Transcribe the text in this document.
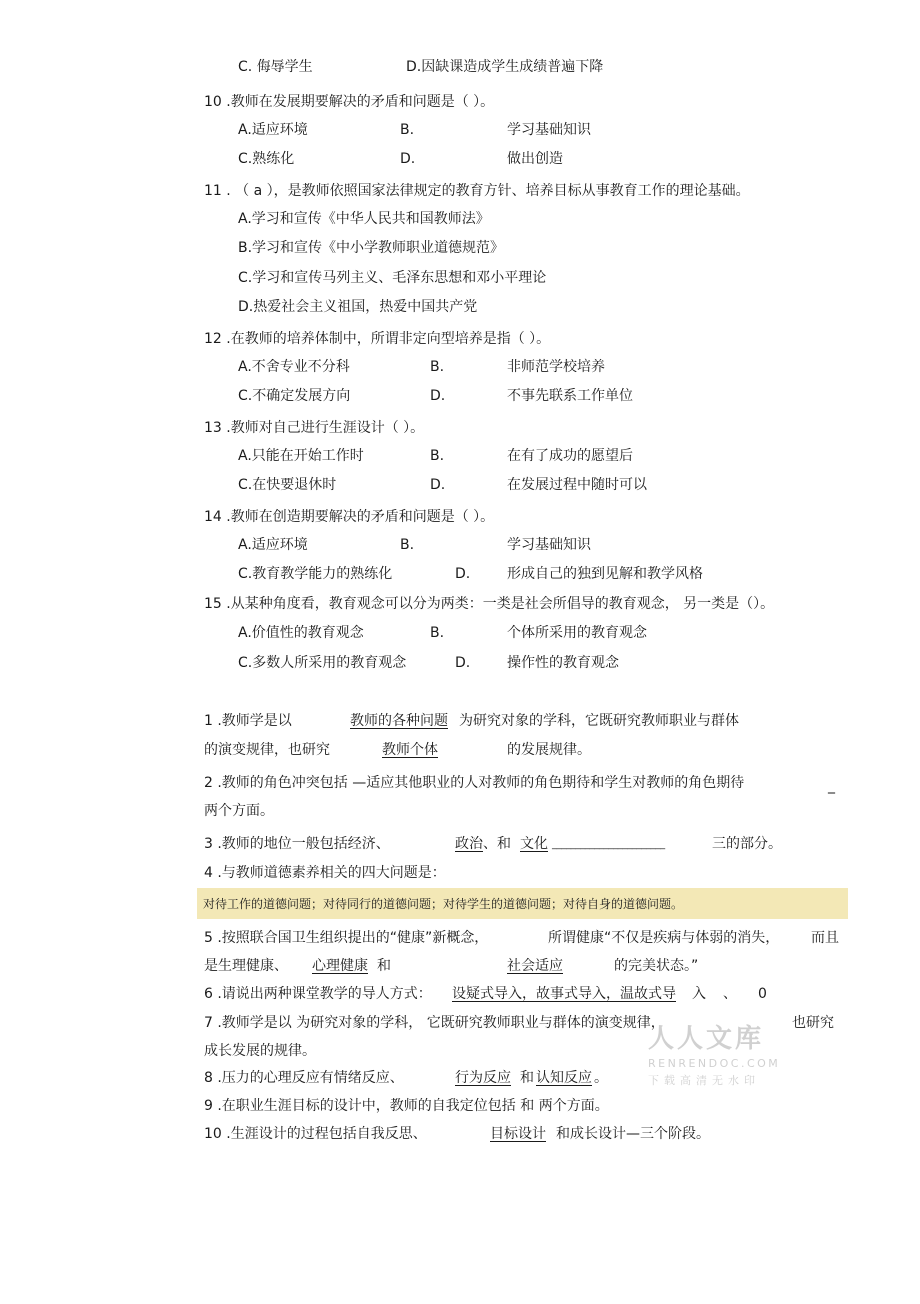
C. 侮辱学生	D.因缺课造成学生成绩普遍下降
10 .教师在发展期要解决的矛盾和问题是（ ）。
A.适应环境	B.	学习基础知识
C.熟练化	D.	做出创造
11 . （ a ），是教师依照国家法律规定的教育方针、培养目标从事教育工作的理论基础。
A.学习和宣传《中华人民共和国教师法》
B.学习和宣传《中小学教师职业道德规范》
C.学习和宣传马列主义、毛泽东思想和邓小平理论
D.热爱社会主义祖国，热爱中国共产党
12 .在教师的培养体制中，所谓非定向型培养是指（ ）。
A.不舍专业不分科	B.	非师范学校培养
C.不确定发展方向	D.	不事先联系工作单位
13 .教师对自己进行生涯设计（ ）。
A.只能在开始工作时	B.	在有了成功的愿望后
C.在快要退休时	D.	在发展过程中随时可以
14 .教师在创造期要解决的矛盾和问题是（ ）。
A.适应环境	B.	学习基础知识
C.教育教学能力的熟练化	D.	形成自己的独到见解和教学风格
15 .从某种角度看，教育观念可以分为两类：一类是社会所倡导的教育观念， 另一类是（）。
A.价值性的教育观念	B.	个体所采用的教育观念
C.多数人所采用的教育观念	D.	操作性的教育观念
1 .教师学是以	教师的各种问题 为研究对象的学科，它既研究教师职业与群体
的演变规律，也研究	教师个体	的发展规律。
2 .教师的角色冲突包括 —适应其他职业的人对教师的角色期待和学生对教师的角色期待	_
两个方面。
3 .教师的地位一般包括经济、	政治 、和 文化 ________________________	三的部分。
4 .与教师道德素养相关的四大问题是：
对待工作的道德问题；对待同行的道德问题；对待学生的道德问题；对待自身的道德问题。
5 .按照联合国卫生组织提出的“健康”新概念，	所谓健康“不仅是疾病与体弱的消失， 而且
是生理健康、 心理健康 和	社会适应	的完美状态。”
6 .请说出两种课堂教学的导人方式： 设疑式导入，故事式导入，温故式导 入 、 0
7 .教师学是以 为研究对象的学科， 它既研究教师职业与群体的演变规律，	也研究
成长发展的规律。	人人文库
RENRENDOC.COM
下载高清无水印
8 .压力的心理反应有情绪反应、	行为反应 和 认知反应 。
9 .在职业生涯目标的设计中，教师的自我定位包括 和 两个方面。
10 .生涯设计的过程包括自我反思、	目标设计 和成长设计—三个阶段。
